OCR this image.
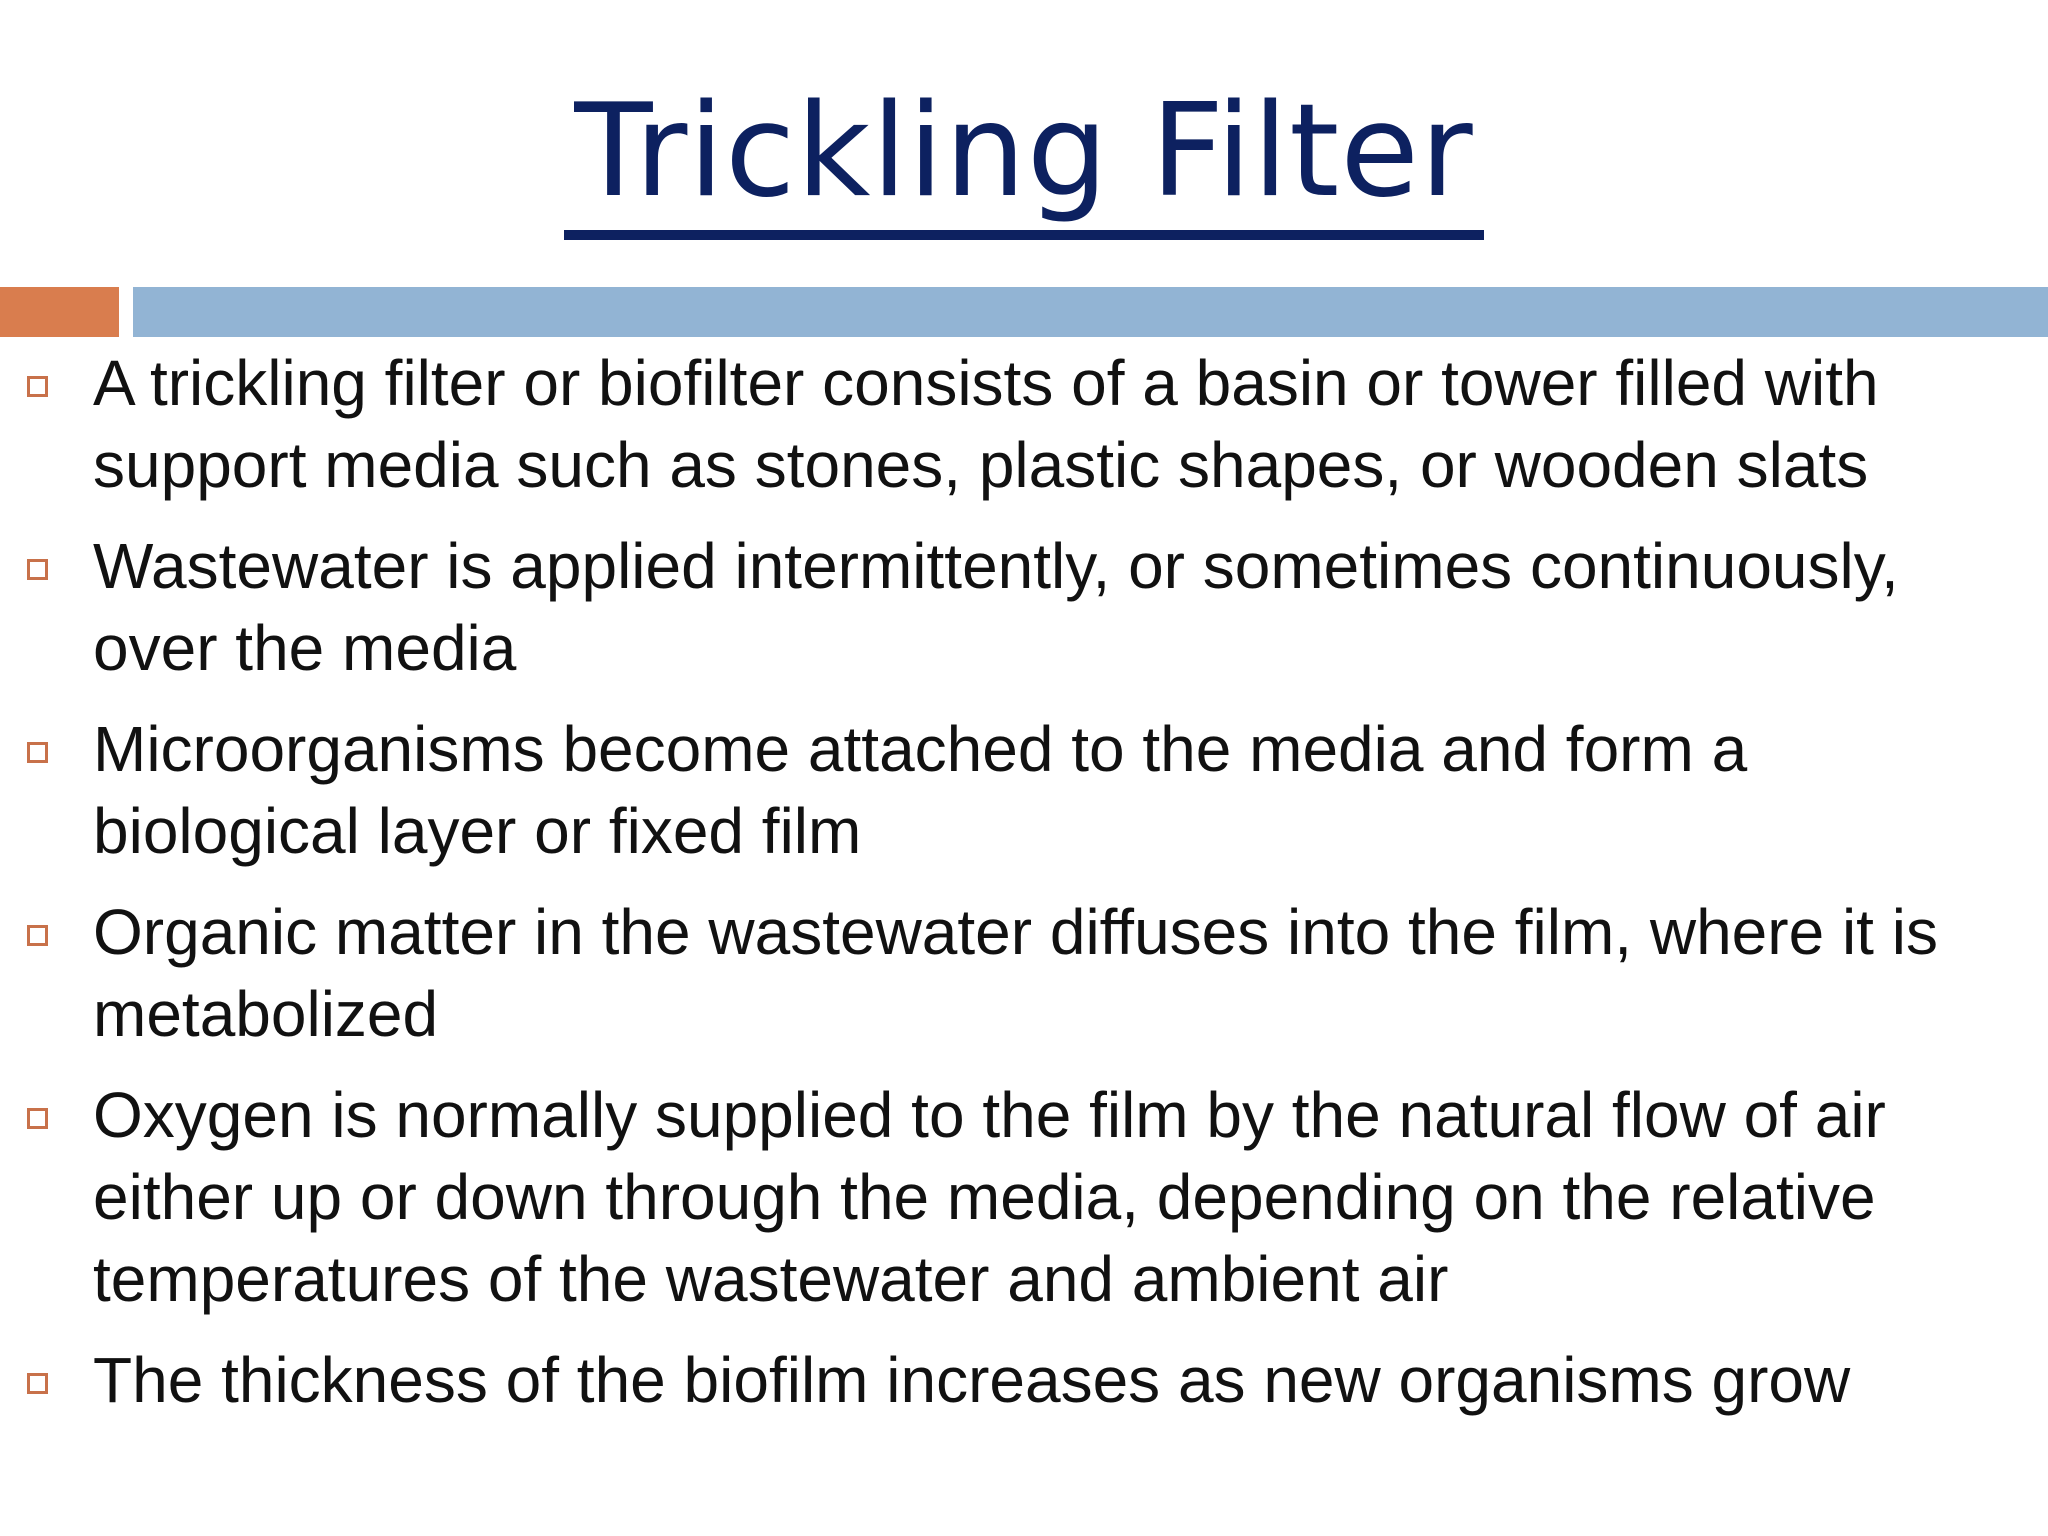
Trickling Filter
A trickling filter or biofilter consists of a basin or tower filled with support media such as stones, plastic shapes, or wooden slats
Wastewater is applied intermittently, or sometimes continuously, over the media
Microorganisms become attached to the media and form a biological layer or fixed film
Organic matter in the wastewater diffuses into the film, where it is metabolized
Oxygen is normally supplied to the film by the natural flow of air either up or down through the media, depending on the relative temperatures of the wastewater and ambient air
The thickness of the biofilm increases as new organisms grow
